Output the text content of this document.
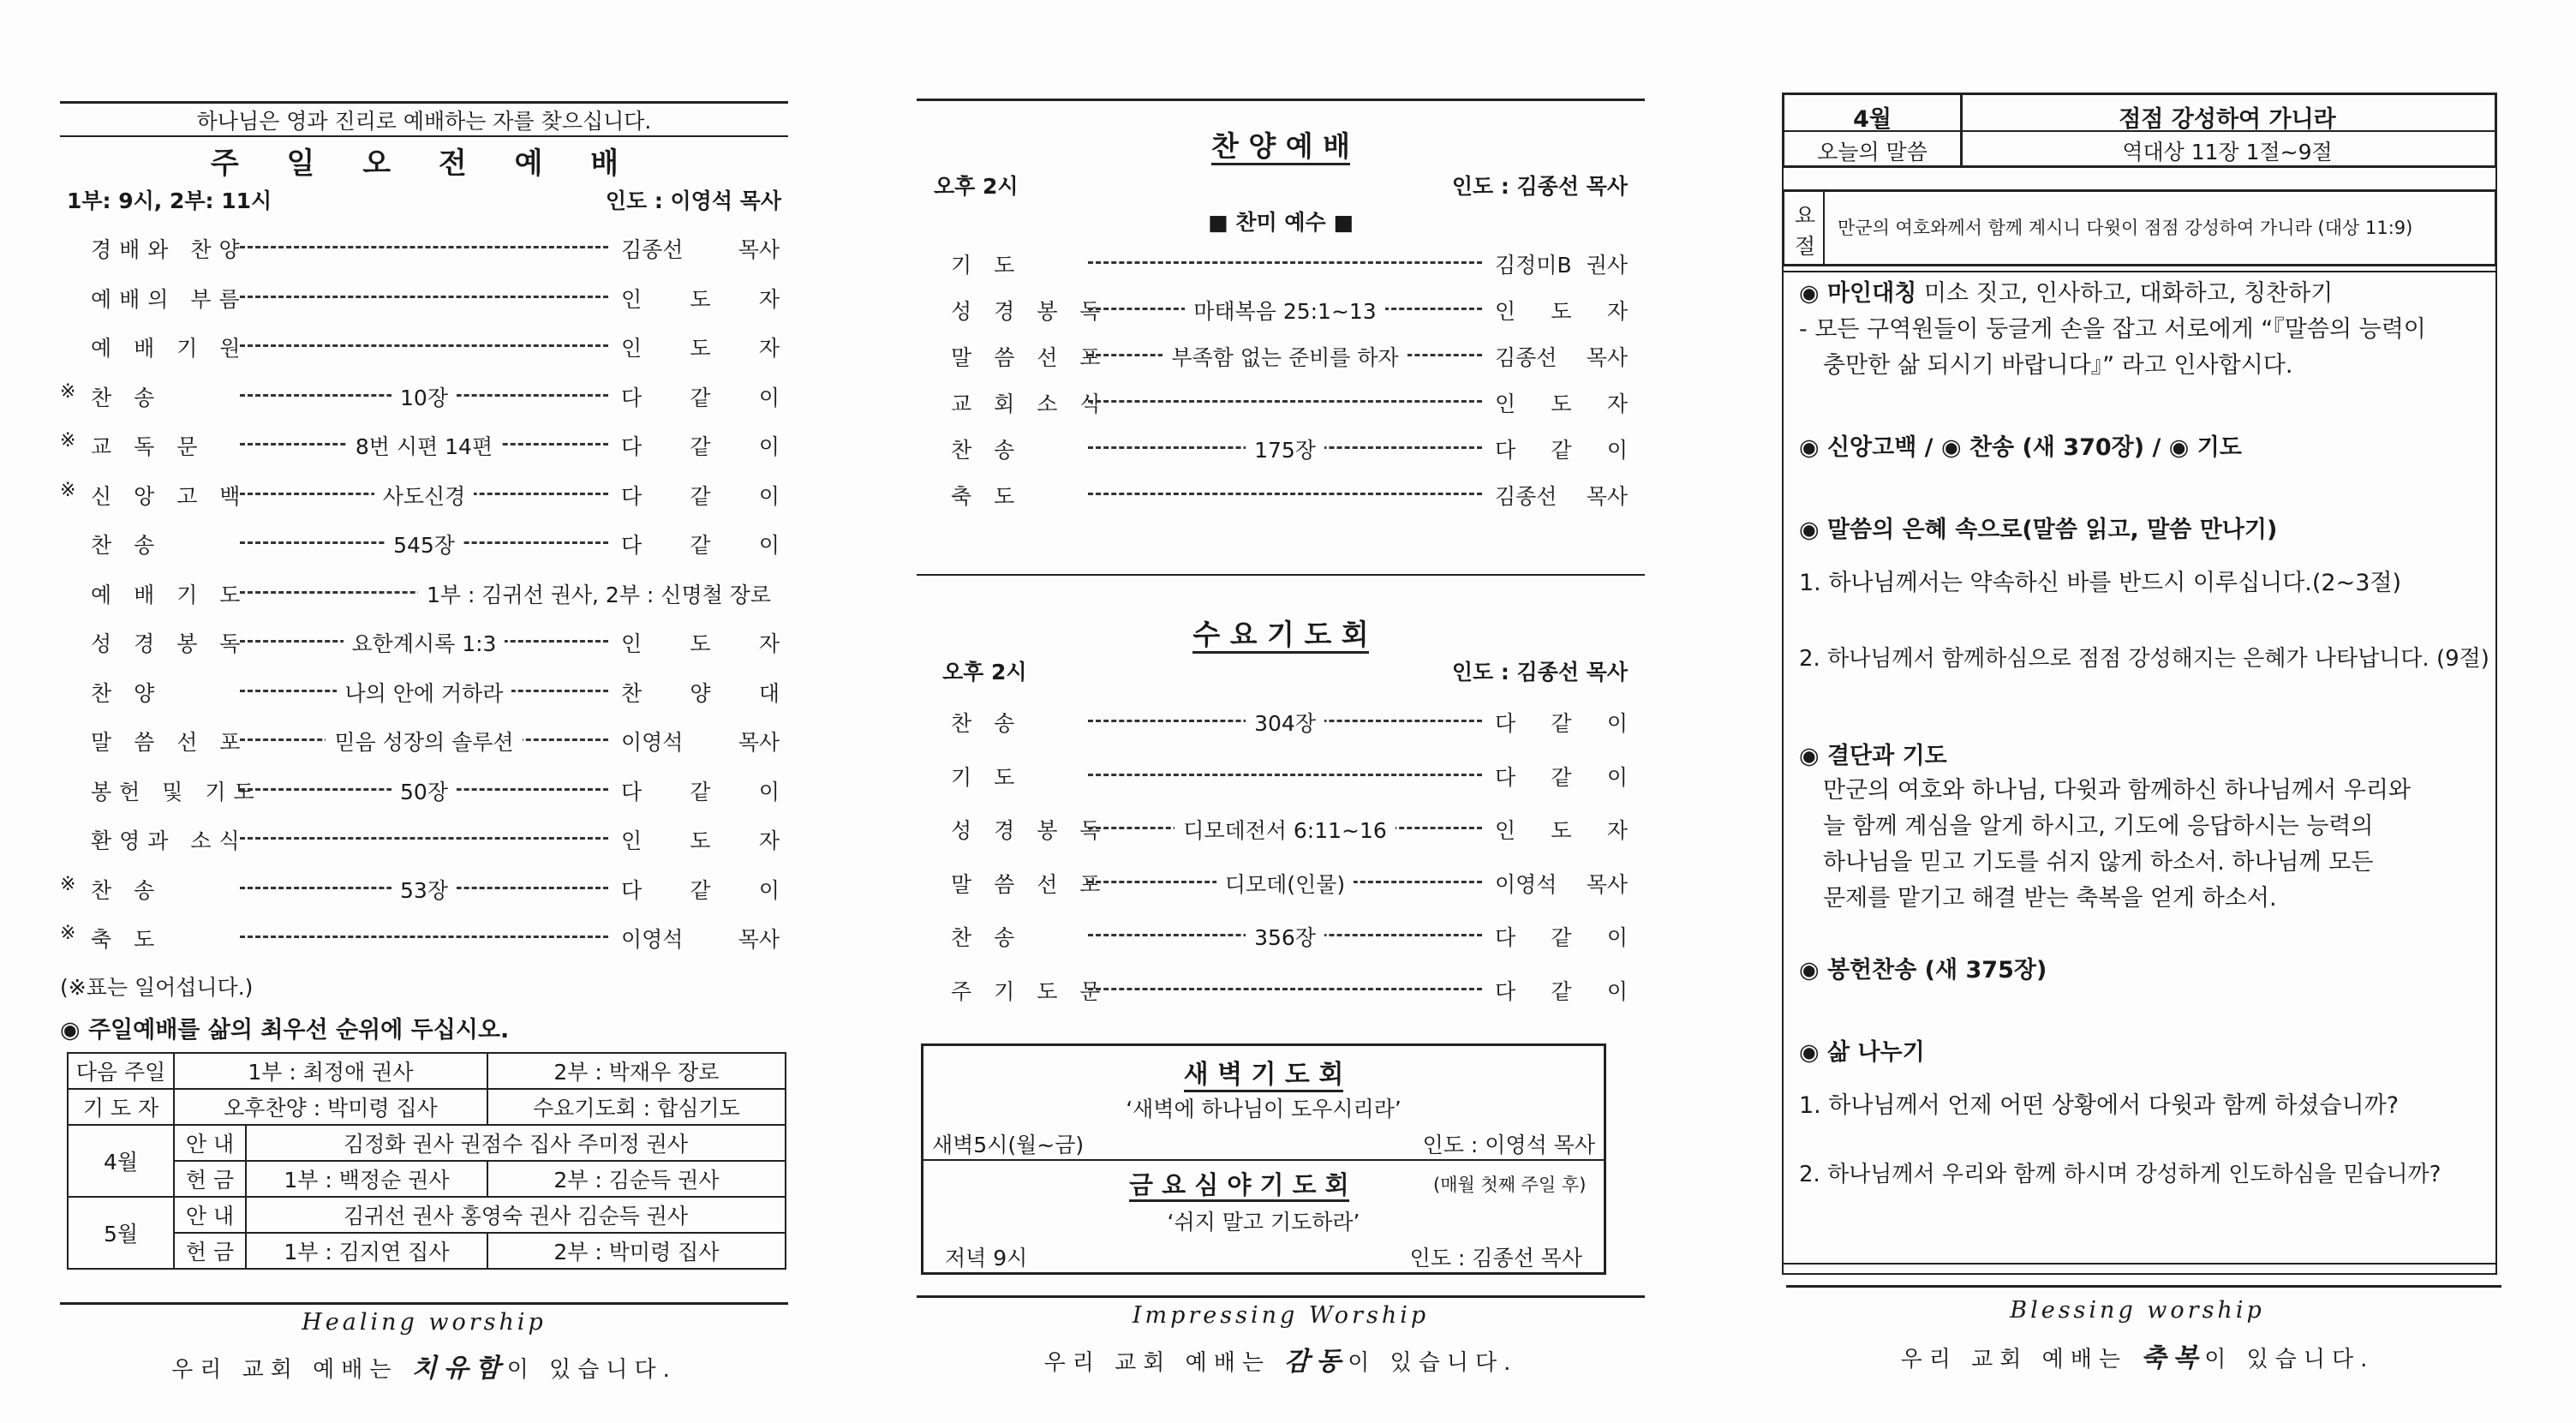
하나님은 영과 진리로 예배하는 자를 찾으십니다.
주 일 오 전 예 배
1부: 9시, 2부: 11시	인도 : 이영석 목사
경배와 찬양	김종선 목사
예배의 부름	인 도 자
예 배 기 원	인 도 자
※ 찬 송	10장	다 같 이
※ 교 독 문	8번 시편 14편	다 같 이
※ 신 앙 고 백	사도신경	다 같 이
찬 송	545장	다 같 이
예 배 기 도	1부 : 김귀선 권사, 2부 : 신명철 장로
성 경 봉 독	요한계시록 1:3	인 도 자
찬 양	나의 안에 거하라	찬 양 대
말 씀 선 포	믿음 성장의 솔루션	이영석 목사
봉헌 및 기도	50장	다 같 이
환영과 소식	인 도 자
※ 찬 송	53장	다 같 이
※ 축 도	이영석 목사
(※표는 일어섭니다.)
◉ 주일예배를 삶의 최우선 순위에 두십시오.
다음 주일	1부 : 최정애 권사		2부 : 박재우 장로
기 도 자	오후찬양 : 박미령 집사		수요기도회 : 합심기도
4월	안 내	김정화 권사 권점수 집사 주미정 권사	
	헌 금	1부 : 백정순 권사	2부 : 김순득 권사
5월	안 내	김귀선 권사 홍영숙 권사 김순득 권사	
	헌 금	1부 : 김지연 집사	2부 : 박미령 집사
Healing worship
우리 교회 예배는 치유함이 있습니다.
찬 양 예 배
오후 2시	인도 : 김종선 목사
■ 찬미 예수 ■
기 도	김정미B 권사
성 경 봉 독	마태복음 25:1~13	인 도 자
말 씀 선 포	부족함 없는 준비를 하자	김종선 목사
교 회 소 식	인 도 자
찬 송	175장	다 같 이
축 도	김종선 목사
수 요 기 도 회
오후 2시	인도 : 김종선 목사
찬 송	304장	다 같 이
기 도	다 같 이
성 경 봉 독	디모데전서 6:11~16	인 도 자
말 씀 선 포	디모데(인물)	이영석 목사
찬 송	356장	다 같 이
주 기 도 문	다 같 이
새 벽 기 도 회
‘새벽에 하나님이 도우시리라’
새벽5시(월~금)	인도 : 이영석 목사
금 요 심 야 기 도 회	(매월 첫째 주일 후)
‘쉬지 말고 기도하라’
저녁 9시	인도 : 김종선 목사
Impressing Worship
우리 교회 예배는 감동이 있습니다.
4월	점점 강성하여 가니라
오늘의 말씀	역대상 11장 1절~9절
요
절
만군의 여호와께서 함께 계시니 다윗이 점점 강성하여 가니라 (대상 11:9)
◉ 마인대칭 미소 짓고, 인사하고, 대화하고, 칭찬하기
- 모든 구역원들이 둥글게 손을 잡고 서로에게 “『말씀의 능력이
충만한 삶 되시기 바랍니다』” 라고 인사합시다.
◉ 신앙고백 / ◉ 찬송 (새 370장) / ◉ 기도
◉ 말씀의 은혜 속으로(말씀 읽고, 말씀 만나기)
1. 하나님께서는 약속하신 바를 반드시 이루십니다.(2~3절)
2. 하나님께서 함께하심으로 점점 강성해지는 은혜가 나타납니다. (9절)
◉ 결단과 기도
만군의 여호와 하나님, 다윗과 함께하신 하나님께서 우리와
늘 함께 계심을 알게 하시고, 기도에 응답하시는 능력의
하나님을 믿고 기도를 쉬지 않게 하소서. 하나님께 모든
문제를 맡기고 해결 받는 축복을 얻게 하소서.
◉ 봉헌찬송 (새 375장)
◉ 삶 나누기
1. 하나님께서 언제 어떤 상황에서 다윗과 함께 하셨습니까?
2. 하나님께서 우리와 함께 하시며 강성하게 인도하심을 믿습니까?
Blessing worship
우리 교회 예배는 축복이 있습니다.
